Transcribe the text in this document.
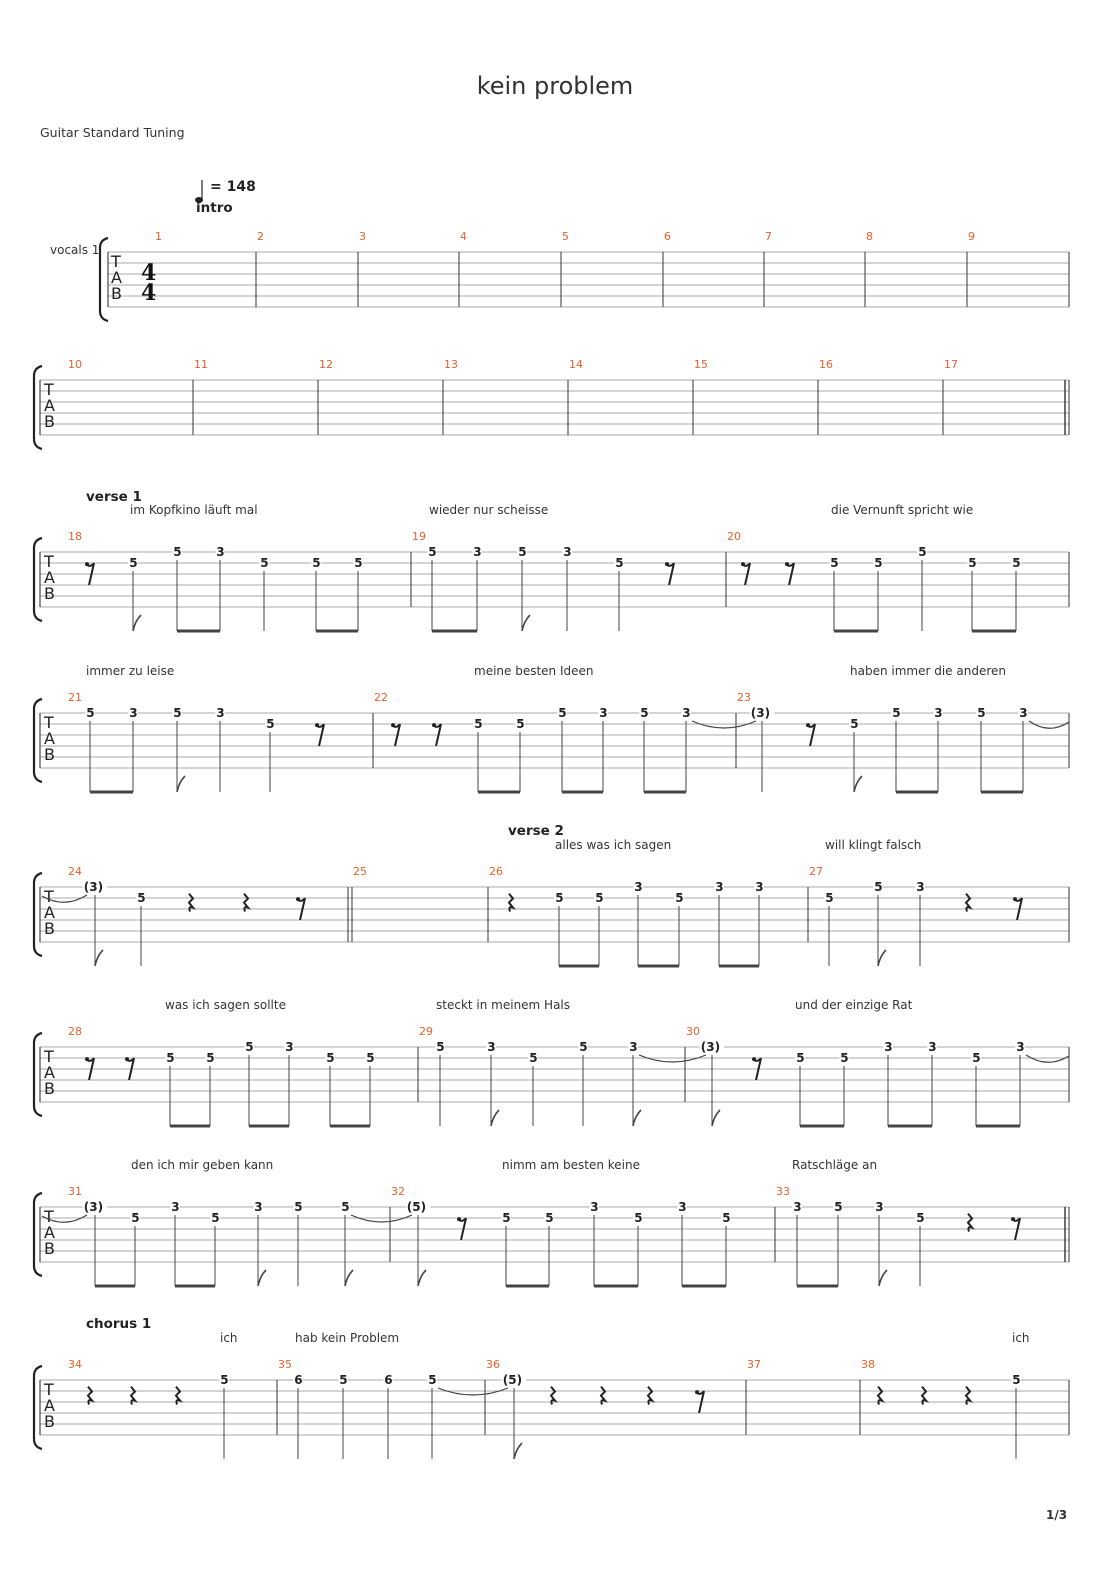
kein problem
Guitar Standard Tuning
= 148
1/3
T
A
B
1	2	3	4	5	6	7	8	9
vocals 1
4
4
T
A
B
10	11	12	13	14	15	16	17
T
A
B
18	19	20
im Kopfkino läuft mal	wieder nur scheisse	die Vernunft spricht wie
5
5	3
5	5	5
5	3	5	3
5	5	5
5
5	5
T
A
B
21	22	23
immer zu leise	meine besten Ideen	haben immer die anderen
5	3	5	3
5	5	5
5	3	5	3	(3)
5
5	3	5	3
T
A
B
24	25	26	27
alles was ich sagen	will klingt falsch
(3)
5	5	5
3
5
3	3
5
5	3
T
A
B
28	29	30
was ich sagen sollte	steckt in meinem Hals	und der einzige Rat
5	5
5	3
5	5
5	3
5
5	3	(3)
5	5
3	3
5
3
T
A
B
31	32	33
den ich mir geben kann	nimm am besten keine	Ratschläge an
(3)
5
3
5
3	5	5	(5)
5	5
3
5
3
5
3	5	3
5
T
A
B
34	35	36	37	38
ich	hab kein Problem	ich
5	6	5	6	5	(5)	5
intro
verse 1
verse 2
chorus 1
